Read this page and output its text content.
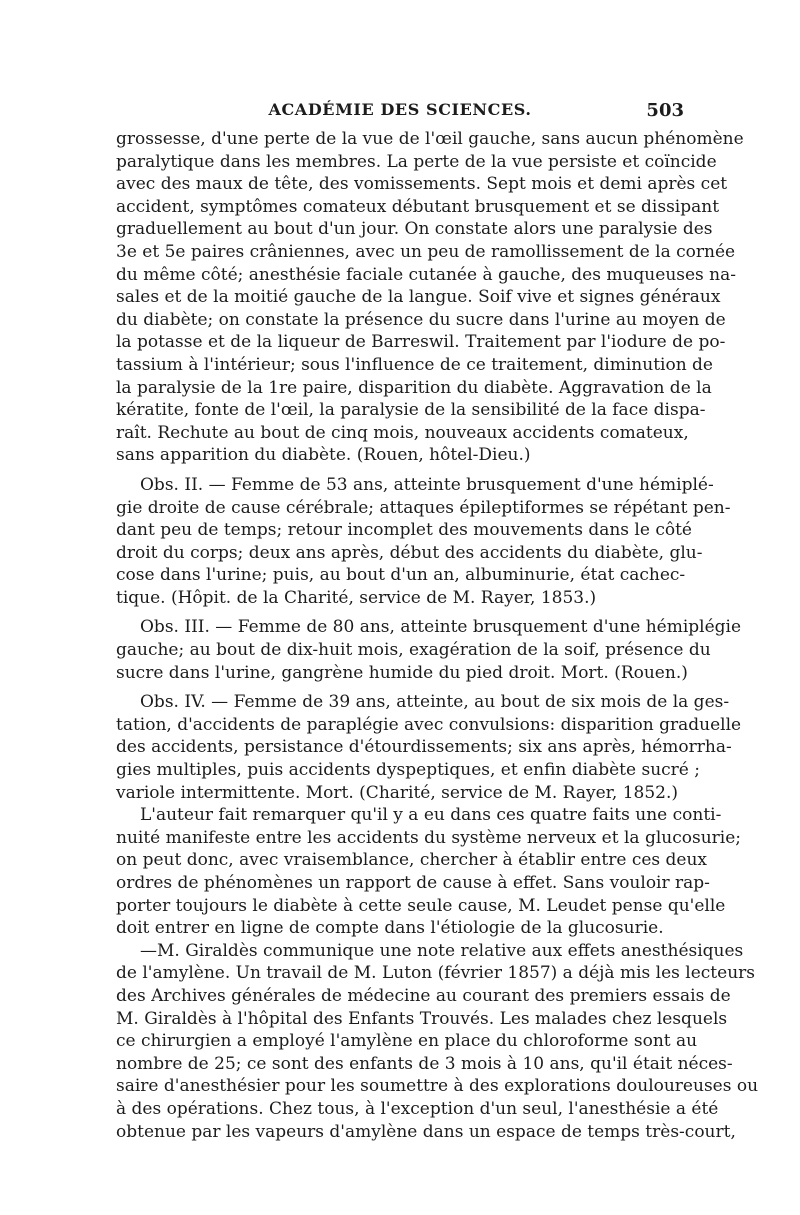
ACADÉMIE DES SCIENCES.	503
grossesse, d'une perte de la vue de l'œil gauche, sans aucun phénomène
paralytique dans les membres. La perte de la vue persiste et coïncide
avec des maux de tête, des vomissements. Sept mois et demi après cet
accident, symptômes comateux débutant brusquement et se dissipant
graduellement au bout d'un jour. On constate alors une paralysie des
3e et 5e paires crâniennes, avec un peu de ramollissement de la cornée
du même côté; anesthésie faciale cutanée à gauche, des muqueuses na-
sales et de la moitié gauche de la langue. Soif vive et signes généraux
du diabète; on constate la présence du sucre dans l'urine au moyen de
la potasse et de la liqueur de Barreswil. Traitement par l'iodure de po-
tassium à l'intérieur; sous l'influence de ce traitement, diminution de
la paralysie de la 1re paire, disparition du diabète. Aggravation de la
kératite, fonte de l'œil, la paralysie de la sensibilité de la face dispa-
raît. Rechute au bout de cinq mois, nouveaux accidents comateux,
sans apparition du diabète. (Rouen, hôtel-Dieu.)
Obs. II. — Femme de 53 ans, atteinte brusquement d'une hémiplé-
gie droite de cause cérébrale; attaques épileptiformes se répétant pen-
dant peu de temps; retour incomplet des mouvements dans le côté
droit du corps; deux ans après, début des accidents du diabète, glu-
cose dans l'urine; puis, au bout d'un an, albuminurie, état cachec-
tique. (Hôpit. de la Charité, service de M. Rayer, 1853.)
Obs. III. — Femme de 80 ans, atteinte brusquement d'une hémiplégie
gauche; au bout de dix-huit mois, exagération de la soif, présence du
sucre dans l'urine, gangrène humide du pied droit. Mort. (Rouen.)
Obs. IV. — Femme de 39 ans, atteinte, au bout de six mois de la ges-
tation, d'accidents de paraplégie avec convulsions: disparition graduelle
des accidents, persistance d'étourdissements; six ans après, hémorrha-
gies multiples, puis accidents dyspeptiques, et enfin diabète sucré ;
variole intermittente. Mort. (Charité, service de M. Rayer, 1852.)
L'auteur fait remarquer qu'il y a eu dans ces quatre faits une conti-
nuité manifeste entre les accidents du système nerveux et la glucosurie;
on peut donc, avec vraisemblance, chercher à établir entre ces deux
ordres de phénomènes un rapport de cause à effet. Sans vouloir rap-
porter toujours le diabète à cette seule cause, M. Leudet pense qu'elle
doit entrer en ligne de compte dans l'étiologie de la glucosurie.
—M. Giraldès communique une note relative aux effets anesthésiques
de l'amylène. Un travail de M. Luton (février 1857) a déjà mis les lecteurs
des Archives générales de médecine au courant des premiers essais de
M. Giraldès à l'hôpital des Enfants Trouvés. Les malades chez lesquels
ce chirurgien a employé l'amylène en place du chloroforme sont au
nombre de 25; ce sont des enfants de 3 mois à 10 ans, qu'il était néces-
saire d'anesthésier pour les soumettre à des explorations douloureuses ou
à des opérations. Chez tous, à l'exception d'un seul, l'anesthésie a été
obtenue par les vapeurs d'amylène dans un espace de temps très-court,
